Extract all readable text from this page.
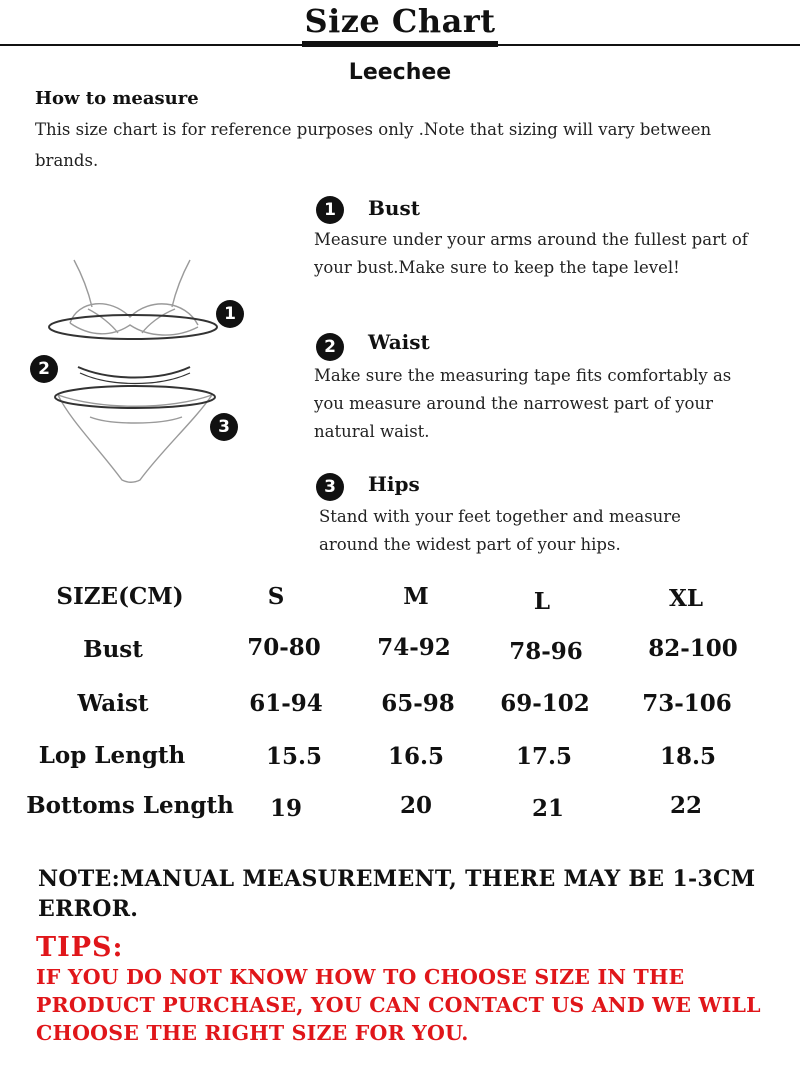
Size Chart
Leechee
How to measure
This size chart is for reference purposes only .Note that sizing will vary between brands.
1
2
3
1	Bust
Measure under your arms around the fullest part of your bust.Make sure to keep the tape level!
2	Waist
Make sure the measuring tape fits comfortably as you measure around the narrowest part of your natural waist.
3	Hips
Stand with your feet together and measure around the widest part of your hips.
SIZE(CM)	S	M	L	XL
Bust	70-80	74-92	78-96	82-100
Waist	61-94	65-98	69-102	73-106
Lop Length	15.5	16.5	17.5	18.5
Bottoms Length	19	20	21	22
NOTE:MANUAL MEASUREMENT, THERE MAY BE 1-3CM ERROR.
TIPS:
IF YOU DO NOT KNOW HOW TO CHOOSE SIZE IN THE PRODUCT PURCHASE, YOU CAN CONTACT US AND WE WILL CHOOSE THE RIGHT SIZE FOR YOU.
